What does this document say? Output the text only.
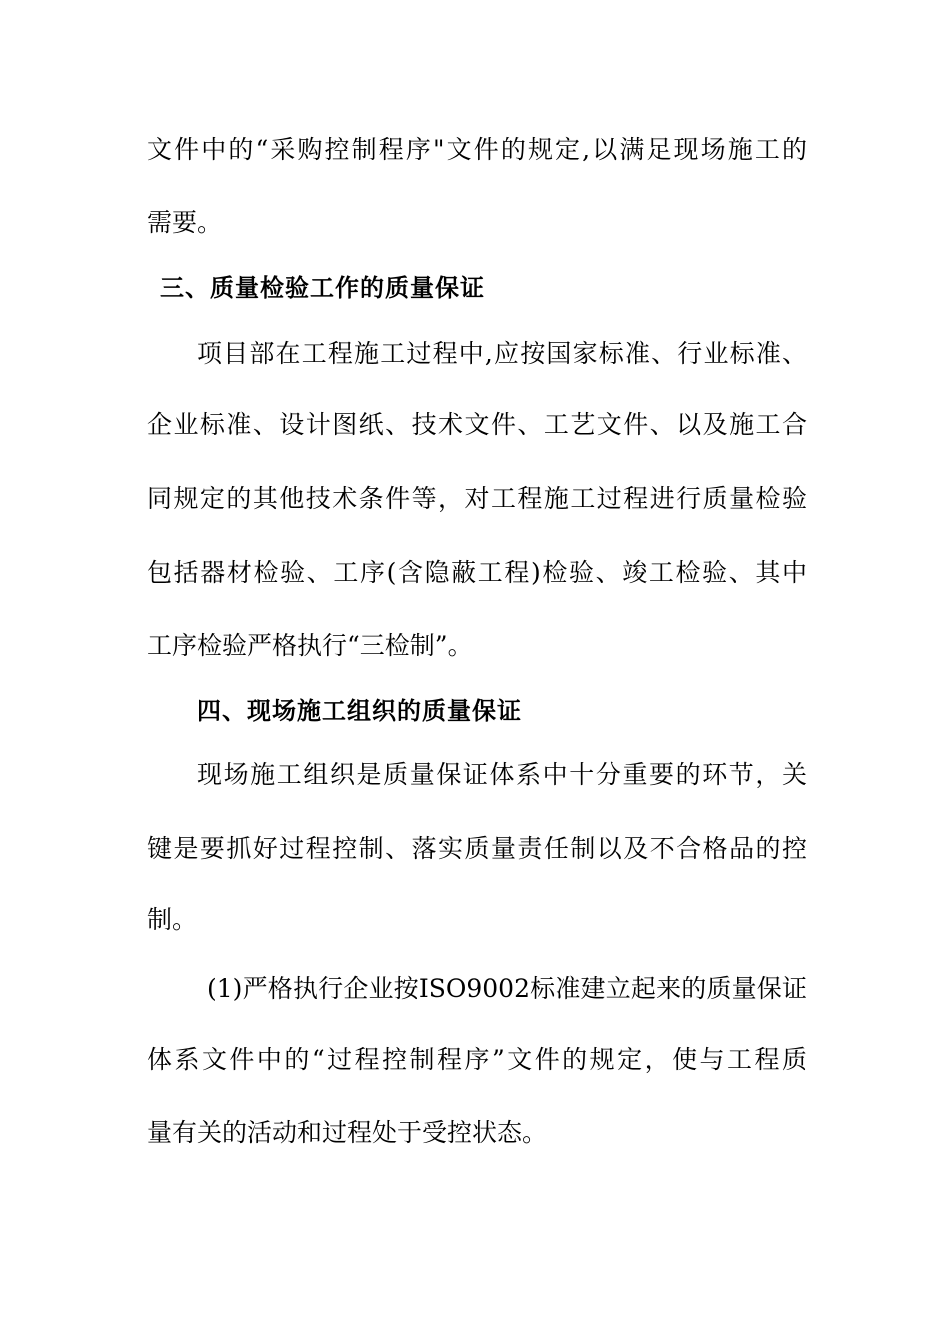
文件中的“采购控制程序"文件的规定,以满足现场施工的
需要。
三、质量检验工作的质量保证
项目部在工程施工过程中,应按国家标准、行业标准、
企业标准、设计图纸、技术文件、工艺文件、以及施工合
同规定的其他技术条件等，对工程施工过程进行质量检验
包括器材检验、工序(含隐蔽工程)检验、竣工检验、其中
工序检验严格执行“三检制”。
四、现场施工组织的质量保证
现场施工组织是质量保证体系中十分重要的环节，关
键是要抓好过程控制、落实质量责任制以及不合格品的控
制。
(1)严格执行企业按ISO9002标准建立起来的质量保证
体系文件中的“过程控制程序”文件的规定，使与工程质
量有关的活动和过程处于受控状态。
